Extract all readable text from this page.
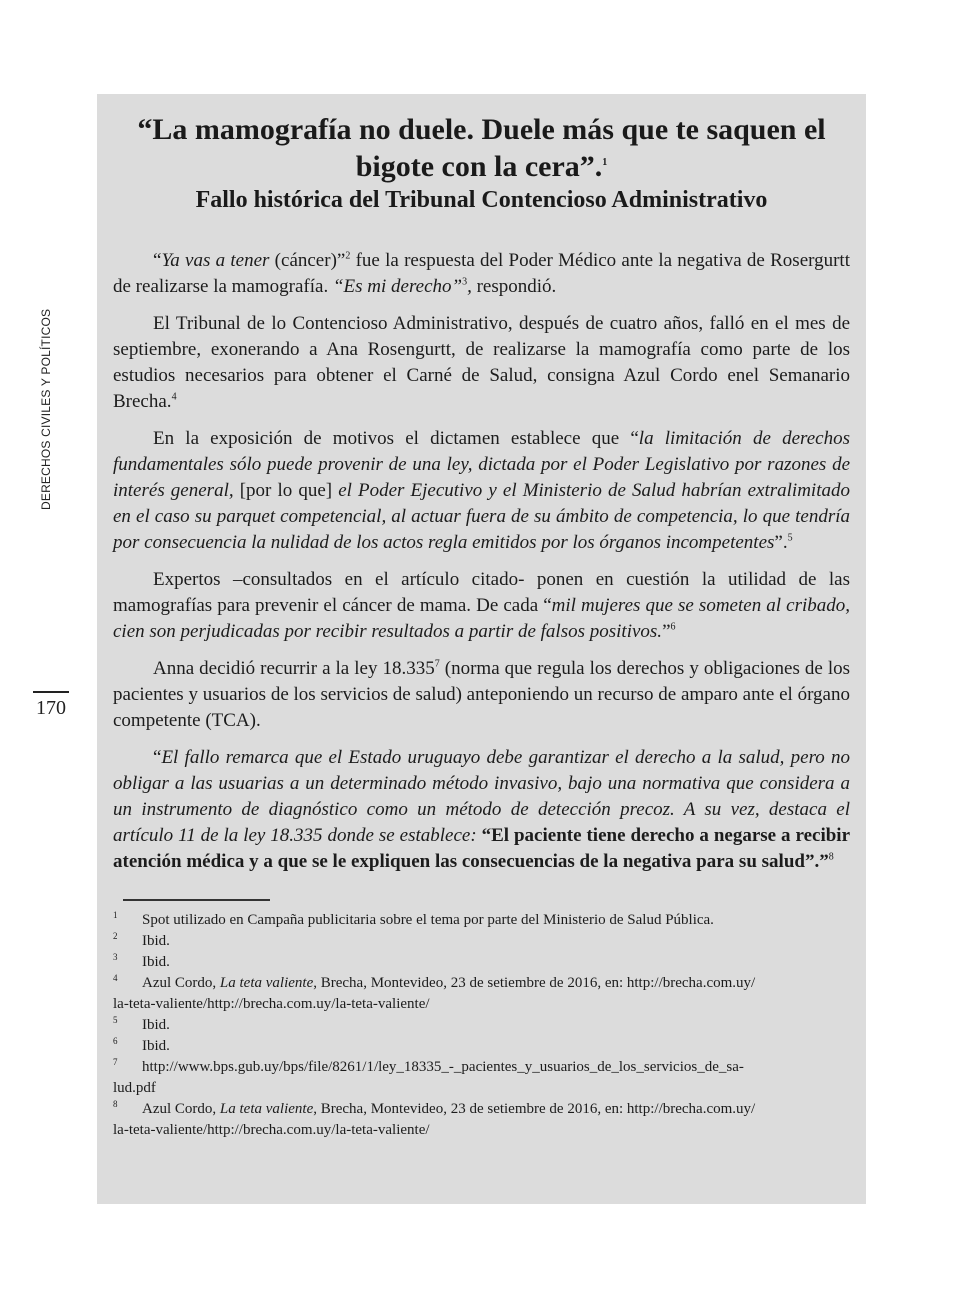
DERECHOS CIVILES Y POLÍTICOS
170

“La mamografía no duele. Duele más que te saquen el bigote con la cera”.$^1$

Fallo histórica del Tribunal Contencioso Administrativo

“Ya vas a tener (cáncer)”$^2$ fue la respuesta del Poder Médico ante la negativa de Rosergurtt de realizarse la mamografía. “Es mi derecho”$^3$, respondió.

El Tribunal de lo Contencioso Administrativo, después de cuatro años, falló en el mes de septiembre, exonerando a Ana Rosengurtt, de realizarse la mamografía como parte de los estudios necesarios para obtener el Carné de Salud, consigna Azul Cordo enel Semanario Brecha.$^4$

En la exposición de motivos el dictamen establece que “la limitación de derechos fundamentales sólo puede provenir de una ley, dictada por el Poder Legislativo por razones de interés general, [por lo que] el Poder Ejecutivo y el Ministerio de Salud habrían extralimitado en el caso su parquet competencial, al actuar fuera de su ámbito de competencia, lo que tendría por consecuencia la nulidad de los actos regla emitidos por los órganos incompetentes”.$^5$

Expertos –consultados en el artículo citado- ponen en cuestión la utilidad de las mamografías para prevenir el cáncer de mama. De cada “mil mujeres que se someten al cribado, cien son perjudicadas por recibir resultados a partir de falsos positivos.”$^6$

Anna decidió recurrir a la ley 18.335$^7$ (norma que regula los derechos y obligaciones de los pacientes y usuarios de los servicios de salud) anteponiendo un recurso de amparo ante el órgano competente (TCA).

“El fallo remarca que el Estado uruguayo debe garantizar el derecho a la salud, pero no obligar a las usuarias a un determinado método invasivo, bajo una normativa que considera a un instrumento de diagnóstico como un método de detección precoz. A su vez, destaca el artículo 11 de la ley 18.335 donde se establece: “El paciente tiene derecho a negarse a recibir atención médica y a que se le expliquen las consecuencias de la negativa para su salud”.”$^8$

1	Spot utilizado en Campaña publicitaria sobre el tema por parte del Ministerio de Salud Pública.
2	Ibid.
3	Ibid.
4	Azul Cordo, La teta valiente, Brecha, Montevideo, 23 de setiembre de 2016, en: http://brecha.com.uy/

la-teta-valiente/http://brecha.com.uy/la-teta-valiente/

5	Ibid.
6	Ibid.
7	http://www.bps.gub.uy/bps/file/8261/1/ley_18335_-_pacientes_y_usuarios_de_los_servicios_de_sa-

lud.pdf

8	Azul Cordo, La teta valiente, Brecha, Montevideo, 23 de setiembre de 2016, en: http://brecha.com.uy/

la-teta-valiente/http://brecha.com.uy/la-teta-valiente/
